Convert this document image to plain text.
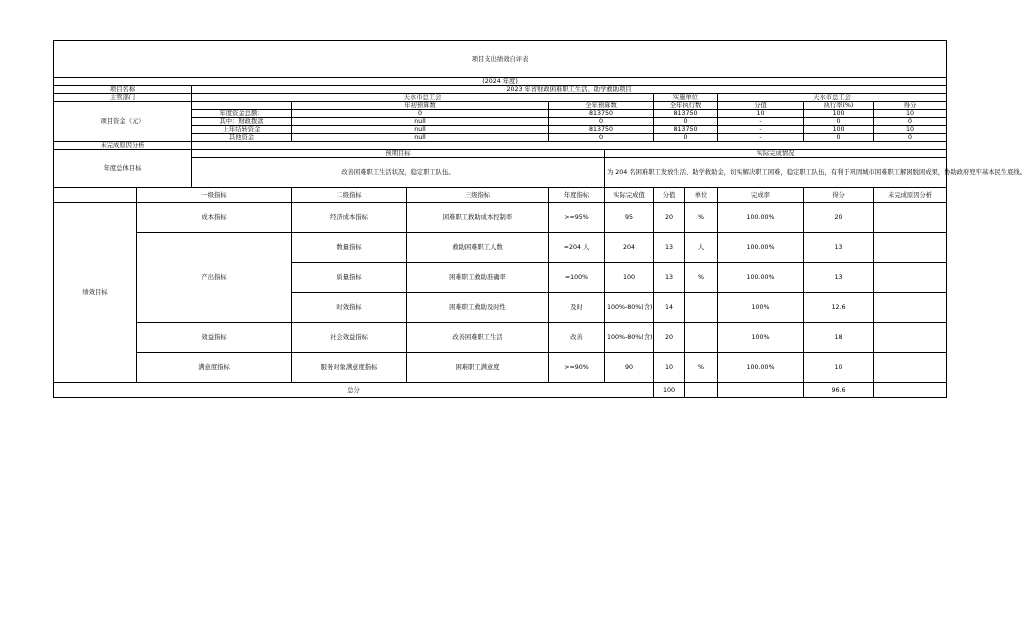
项目支出绩效自评表											
(2024 年度)											
项目名称		2023 年省财政困难职工生活、助学救助项目									
主管部门		天水市总工会					实施单位		天水市总工会		
项目资金（元）			年初预算数		全年预算数		全年执行数		分值	执行率(%)	得分
		年度资金总额：	0		813750		813750		10	100	10
		其中：财政拨款	null		0		0		-	0	0
		上年结转资金	null		813750		813750		-	100	10
		其他资金	null		0		0		-	0	0
未完成原因分析											
年度总体目标		预期目标				实际完成情况					
		改善困难职工生活状况，稳定职工队伍。				为 204 名困难职工发放生活、助学救助金，切实解决职工困难，稳定职工队伍，有利于巩固城市困难职工解困脱困成果，协助政府兜牢基本民生底线。					
	一级指标		二级指标	三级指标	年度指标	实际完成值	分值	单位	完成率	得分	未完成原因分析
绩效目标	成本指标		经济成本指标	困难职工救助成本控制率	>=95%	95	20	%	100.00%	20	
	产出指标		数量指标	救助困难职工人数	=204 人	204	13	人	100.00%	13	
			质量指标	困难职工救助准确率	=100%	100	13	%	100.00%	13	
			时效指标	困难职工救助及时性	及时	100%-80%(含)	14		100%	12.6	
	效益指标		社会效益指标	改善困难职工生活	改善	100%-80%(含)	20		100%	18	
	满意度指标		服务对象满意度指标	困难职工满意度	>=90%	90	10	%	100.00%	10	
总分							100			96.6	
